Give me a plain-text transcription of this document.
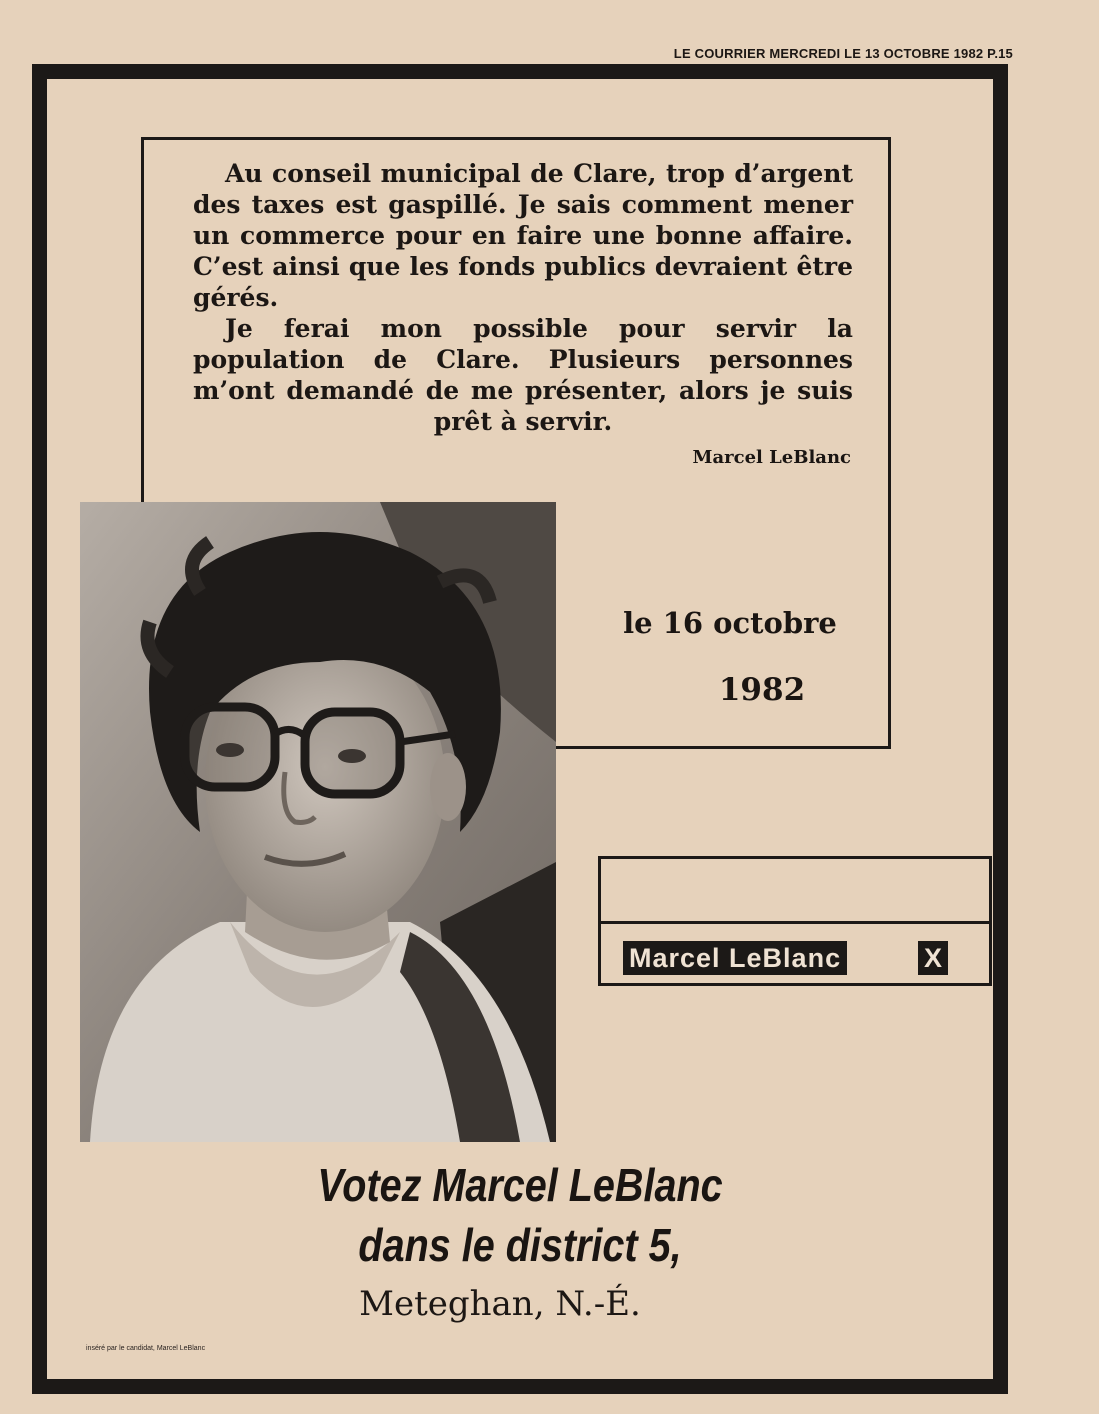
LE COURRIER MERCREDI LE 13 OCTOBRE 1982 P.15

Au conseil municipal de Clare, trop d’argent des taxes est gaspillé. Je sais comment mener un commerce pour en faire une bonne affaire. C’est ainsi que les fonds publics devraient être gérés.

Je ferai mon possible pour servir la population de Clare. Plusieurs personnes m’ont demandé de me présenter, alors je suis prêt à servir.

Marcel LeBlanc
le 16 octobre
1982
Marcel LeBlanc	X
Votez Marcel LeBlanc
dans le district 5,
Meteghan, N.-É.
inséré par le candidat, Marcel LeBlanc
